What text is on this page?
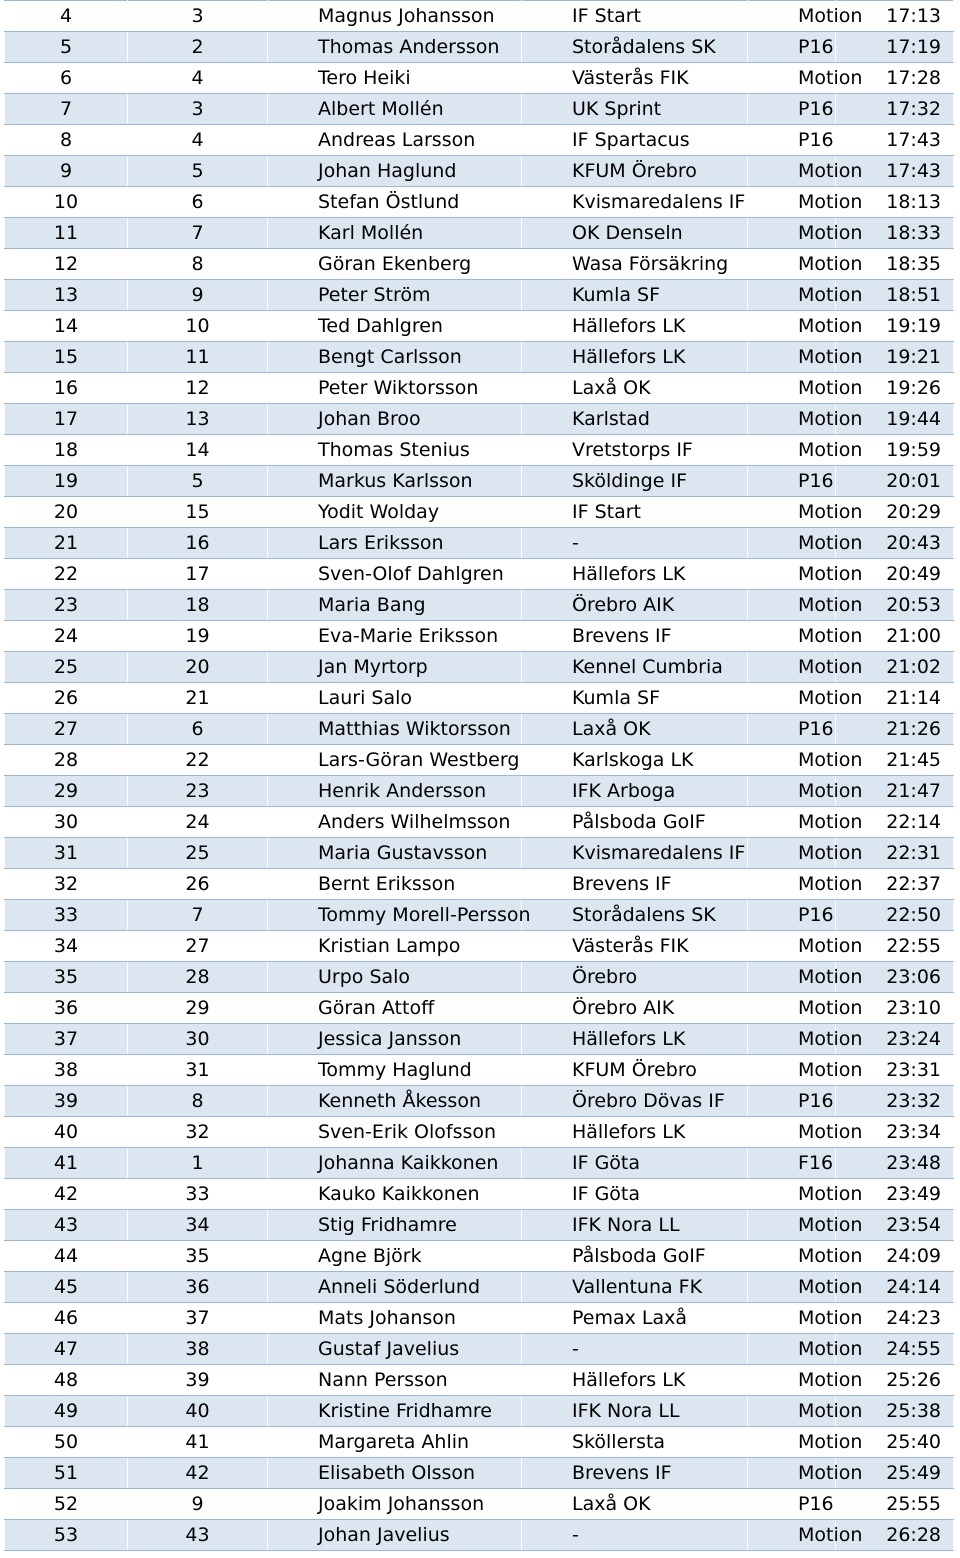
4	3	Magnus Johansson	IF Start	Motion	17:13
5	2	Thomas Andersson	Storådalens SK	P16	17:19
6	4	Tero Heiki	Västerås FIK	Motion	17:28
7	3	Albert Mollén	UK Sprint	P16	17:32
8	4	Andreas Larsson	IF Spartacus	P16	17:43
9	5	Johan Haglund	KFUM Örebro	Motion	17:43
10	6	Stefan Östlund	Kvismaredalens IF	Motion	18:13
11	7	Karl Mollén	OK Denseln	Motion	18:33
12	8	Göran Ekenberg	Wasa Försäkring	Motion	18:35
13	9	Peter Ström	Kumla SF	Motion	18:51
14	10	Ted Dahlgren	Hällefors LK	Motion	19:19
15	11	Bengt Carlsson	Hällefors LK	Motion	19:21
16	12	Peter Wiktorsson	Laxå OK	Motion	19:26
17	13	Johan Broo	Karlstad	Motion	19:44
18	14	Thomas Stenius	Vretstorps IF	Motion	19:59
19	5	Markus Karlsson	Sköldinge IF	P16	20:01
20	15	Yodit Wolday	IF Start	Motion	20:29
21	16	Lars Eriksson	-	Motion	20:43
22	17	Sven-Olof Dahlgren	Hällefors LK	Motion	20:49
23	18	Maria Bang	Örebro AIK	Motion	20:53
24	19	Eva-Marie Eriksson	Brevens IF	Motion	21:00
25	20	Jan Myrtorp	Kennel Cumbria	Motion	21:02
26	21	Lauri Salo	Kumla SF	Motion	21:14
27	6	Matthias Wiktorsson	Laxå OK	P16	21:26
28	22	Lars-Göran Westberg	Karlskoga LK	Motion	21:45
29	23	Henrik Andersson	IFK Arboga	Motion	21:47
30	24	Anders Wilhelmsson	Pålsboda GoIF	Motion	22:14
31	25	Maria Gustavsson	Kvismaredalens IF	Motion	22:31
32	26	Bernt Eriksson	Brevens IF	Motion	22:37
33	7	Tommy Morell-Persson	Storådalens SK	P16	22:50
34	27	Kristian Lampo	Västerås FIK	Motion	22:55
35	28	Urpo Salo	Örebro	Motion	23:06
36	29	Göran Attoff	Örebro AIK	Motion	23:10
37	30	Jessica Jansson	Hällefors LK	Motion	23:24
38	31	Tommy Haglund	KFUM Örebro	Motion	23:31
39	8	Kenneth Åkesson	Örebro Dövas IF	P16	23:32
40	32	Sven-Erik Olofsson	Hällefors LK	Motion	23:34
41	1	Johanna Kaikkonen	IF Göta	F16	23:48
42	33	Kauko Kaikkonen	IF Göta	Motion	23:49
43	34	Stig Fridhamre	IFK Nora LL	Motion	23:54
44	35	Agne Björk	Pålsboda GoIF	Motion	24:09
45	36	Anneli Söderlund	Vallentuna FK	Motion	24:14
46	37	Mats Johanson	Pemax Laxå	Motion	24:23
47	38	Gustaf Javelius	-	Motion	24:55
48	39	Nann Persson	Hällefors LK	Motion	25:26
49	40	Kristine Fridhamre	IFK Nora LL	Motion	25:38
50	41	Margareta Ahlin	Sköllersta	Motion	25:40
51	42	Elisabeth Olsson	Brevens IF	Motion	25:49
52	9	Joakim Johansson	Laxå OK	P16	25:55
53	43	Johan Javelius	-	Motion	26:28
